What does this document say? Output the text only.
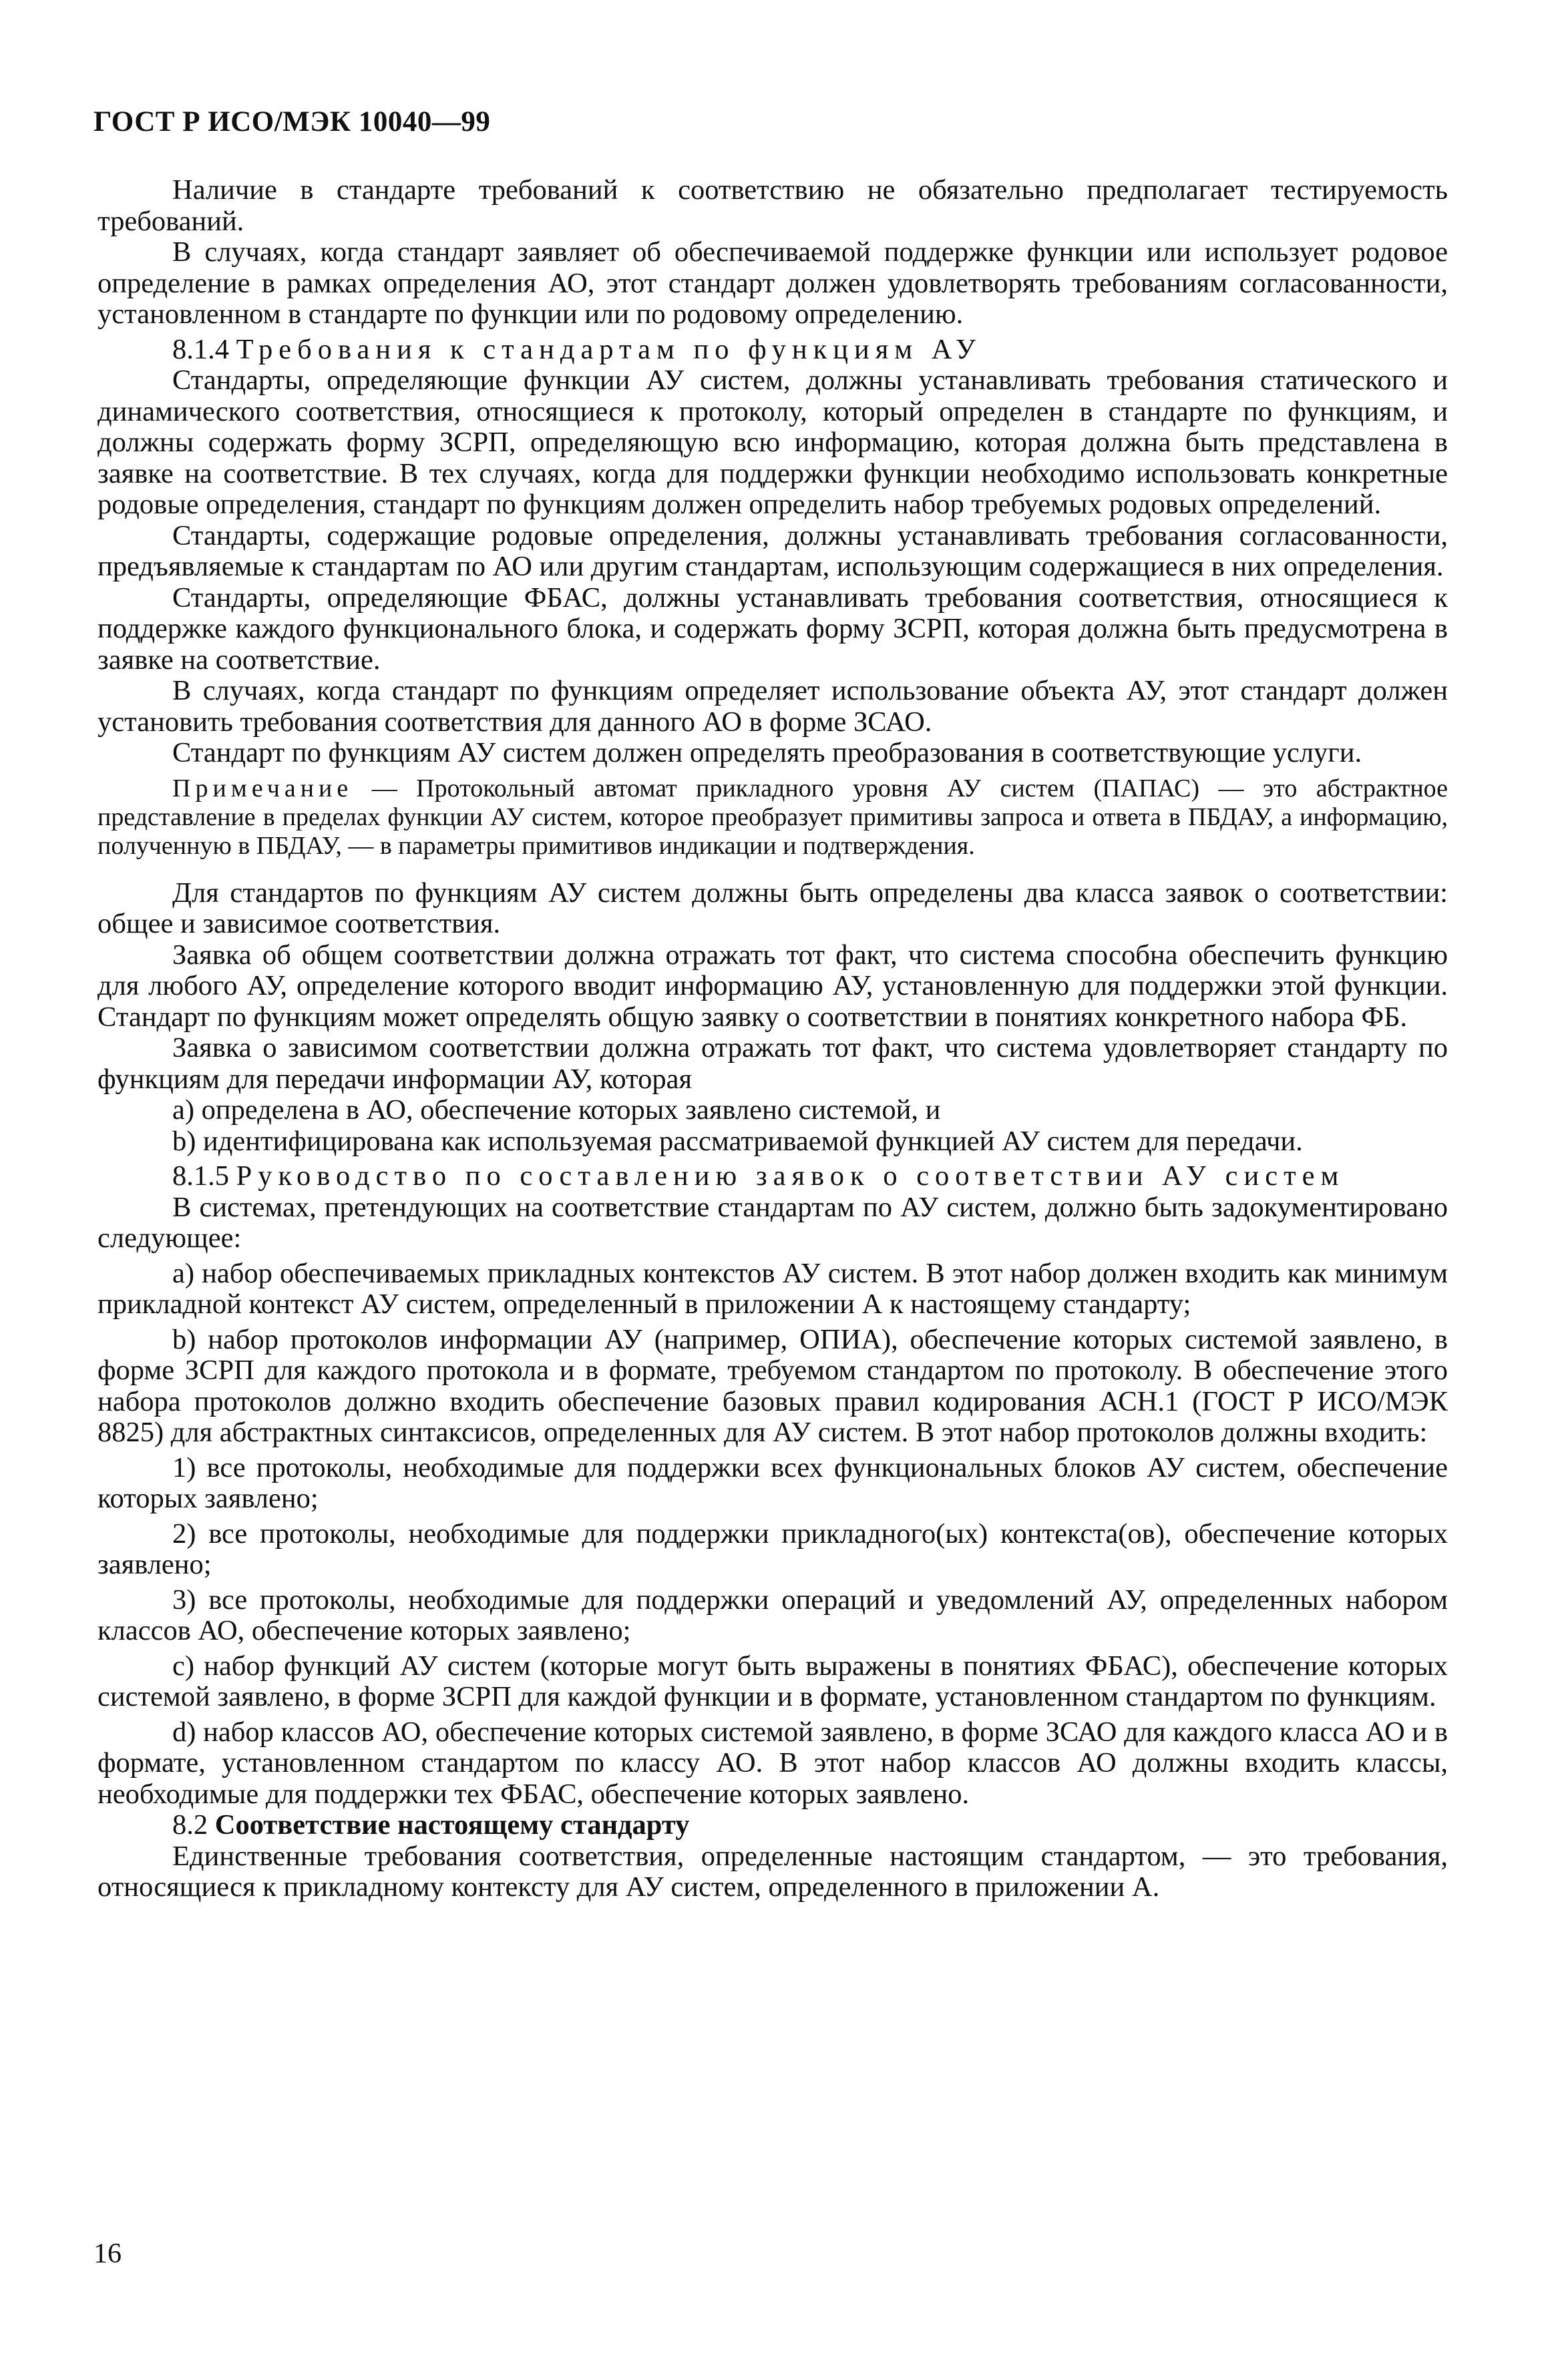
ГОСТ Р ИСО/МЭК 10040—99

Наличие в стандарте требований к соответствию не обязательно предполагает тестируемость требований.

В случаях, когда стандарт заявляет об обеспечиваемой поддержке функции или использует родовое определение в рамках определения АО, этот стандарт должен удовлетворять требованиям согласованности, установленном в стандарте по функции или по родовому определению.

8.1.4 Требования к стандартам по функциям АУ

Стандарты, определяющие функции АУ систем, должны устанавливать требования статического и динамического соответствия, относящиеся к протоколу, который определен в стандарте по функциям, и должны содержать форму ЗСРП, определяющую всю информацию, которая должна быть представлена в заявке на соответствие. В тех случаях, когда для поддержки функции необходимо использовать конкретные родовые определения, стандарт по функциям должен определить набор требуемых родовых определений.

Стандарты, содержащие родовые определения, должны устанавливать требования согласованности, предъявляемые к стандартам по АО или другим стандартам, использующим содержащиеся в них определения.

Стандарты, определяющие ФБАС, должны устанавливать требования соответствия, относящиеся к поддержке каждого функционального блока, и содержать форму ЗСРП, которая должна быть предусмотрена в заявке на соответствие.

В случаях, когда стандарт по функциям определяет использование объекта АУ, этот стандарт должен установить требования соответствия для данного АО в форме ЗСАО.

Стандарт по функциям АУ систем должен определять преобразования в соответствующие услуги.

Примечание — Протокольный автомат прикладного уровня АУ систем (ПАПАС) — это абстрактное представление в пределах функции АУ систем, которое преобразует примитивы запроса и ответа в ПБДАУ, а информацию, полученную в ПБДАУ, — в параметры примитивов индикации и подтверждения.

Для стандартов по функциям АУ систем должны быть определены два класса заявок о соответствии: общее и зависимое соответствия.

Заявка об общем соответствии должна отражать тот факт, что система способна обеспечить функцию для любого АУ, определение которого вводит информацию АУ, установленную для поддержки этой функции. Стандарт по функциям может определять общую заявку о соответствии в понятиях конкретного набора ФБ.

Заявка о зависимом соответствии должна отражать тот факт, что система удовлетворяет стандарту по функциям для передачи информации АУ, которая

a) определена в АО, обеспечение которых заявлено системой, и

b) идентифицирована как используемая рассматриваемой функцией АУ систем для передачи.

8.1.5 Руководство по составлению заявок о соответствии АУ систем

В системах, претендующих на соответствие стандартам по АУ систем, должно быть задокументировано следующее:

a) набор обеспечиваемых прикладных контекстов АУ систем. В этот набор должен входить как минимум прикладной контекст АУ систем, определенный в приложении А к настоящему стандарту;

b) набор протоколов информации АУ (например, ОПИА), обеспечение которых системой заявлено, в форме ЗСРП для каждого протокола и в формате, требуемом стандартом по протоколу. В обеспечение этого набора протоколов должно входить обеспечение базовых правил кодирования АСН.1 (ГОСТ Р ИСО/МЭК 8825) для абстрактных синтаксисов, определенных для АУ систем. В этот набор протоколов должны входить:

1) все протоколы, необходимые для поддержки всех функциональных блоков АУ систем, обеспечение которых заявлено;

2) все протоколы, необходимые для поддержки прикладного(ых) контекста(ов), обеспечение которых заявлено;

3) все протоколы, необходимые для поддержки операций и уведомлений АУ, определенных набором классов АО, обеспечение которых заявлено;

c) набор функций АУ систем (которые могут быть выражены в понятиях ФБАС), обеспечение которых системой заявлено, в форме ЗСРП для каждой функции и в формате, установленном стандартом по функциям.

d) набор классов АО, обеспечение которых системой заявлено, в форме ЗСАО для каждого класса АО и в формате, установленном стандартом по классу АО. В этот набор классов АО должны входить классы, необходимые для поддержки тех ФБАС, обеспечение которых заявлено.

8.2 Соответствие настоящему стандарту

Единственные требования соответствия, определенные настоящим стандартом, — это требования, относящиеся к прикладному контексту для АУ систем, определенного в приложении А.

16
